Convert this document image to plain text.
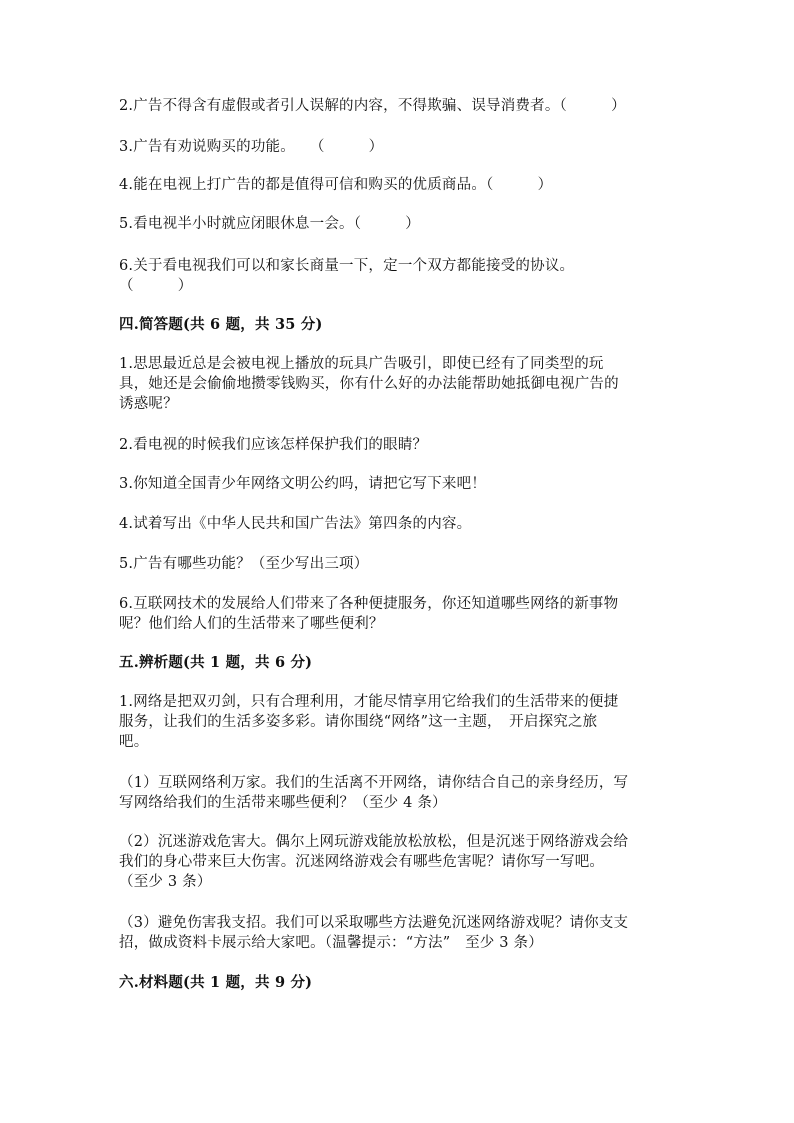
2.广告不得含有虚假或者引人误解的内容，不得欺骗、误导消费者。（　　　）
3.广告有劝说购买的功能。　　（　　　）
4.能在电视上打广告的都是值得可信和购买的优质商品。（　　　）
5.看电视半小时就应闭眼休息一会。（　　　）
6.关于看电视我们可以和家长商量一下，定一个双方都能接受的协议。
（　　　）
四.简答题(共 6 题，共 35 分)
1.思思最近总是会被电视上播放的玩具广告吸引，即使已经有了同类型的玩
具，她还是会偷偷地攒零钱购买，你有什么好的办法能帮助她抵御电视广告的
诱惑呢？
2.看电视的时候我们应该怎样保护我们的眼睛？
3.你知道全国青少年网络文明公约吗，请把它写下来吧！
4.试着写出《中华人民共和国广告法》第四条的内容。
5.广告有哪些功能？（至少写出三项）
6.互联网技术的发展给人们带来了各种便捷服务，你还知道哪些网络的新事物
呢？他们给人们的生活带来了哪些便利？
五.辨析题(共 1 题，共 6 分)
1.网络是把双刃剑，只有合理利用，才能尽情享用它给我们的生活带来的便捷
服务，让我们的生活多姿多彩。请你围绕“网络”这一主题，　开启探究之旅
吧。
（1）互联网络利万家。我们的生活离不开网络，请你结合自己的亲身经历，写
写网络给我们的生活带来哪些便利？（至少 4 条）
（2）沉迷游戏危害大。偶尔上网玩游戏能放松放松，但是沉迷于网络游戏会给
我们的身心带来巨大伤害。沉迷网络游戏会有哪些危害呢？请你写一写吧。
（至少 3 条）
（3）避免伤害我支招。我们可以采取哪些方法避免沉迷网络游戏呢？请你支支
招，做成资料卡展示给大家吧。（温馨提示：“方法”　至少 3 条）
六.材料题(共 1 题，共 9 分)
